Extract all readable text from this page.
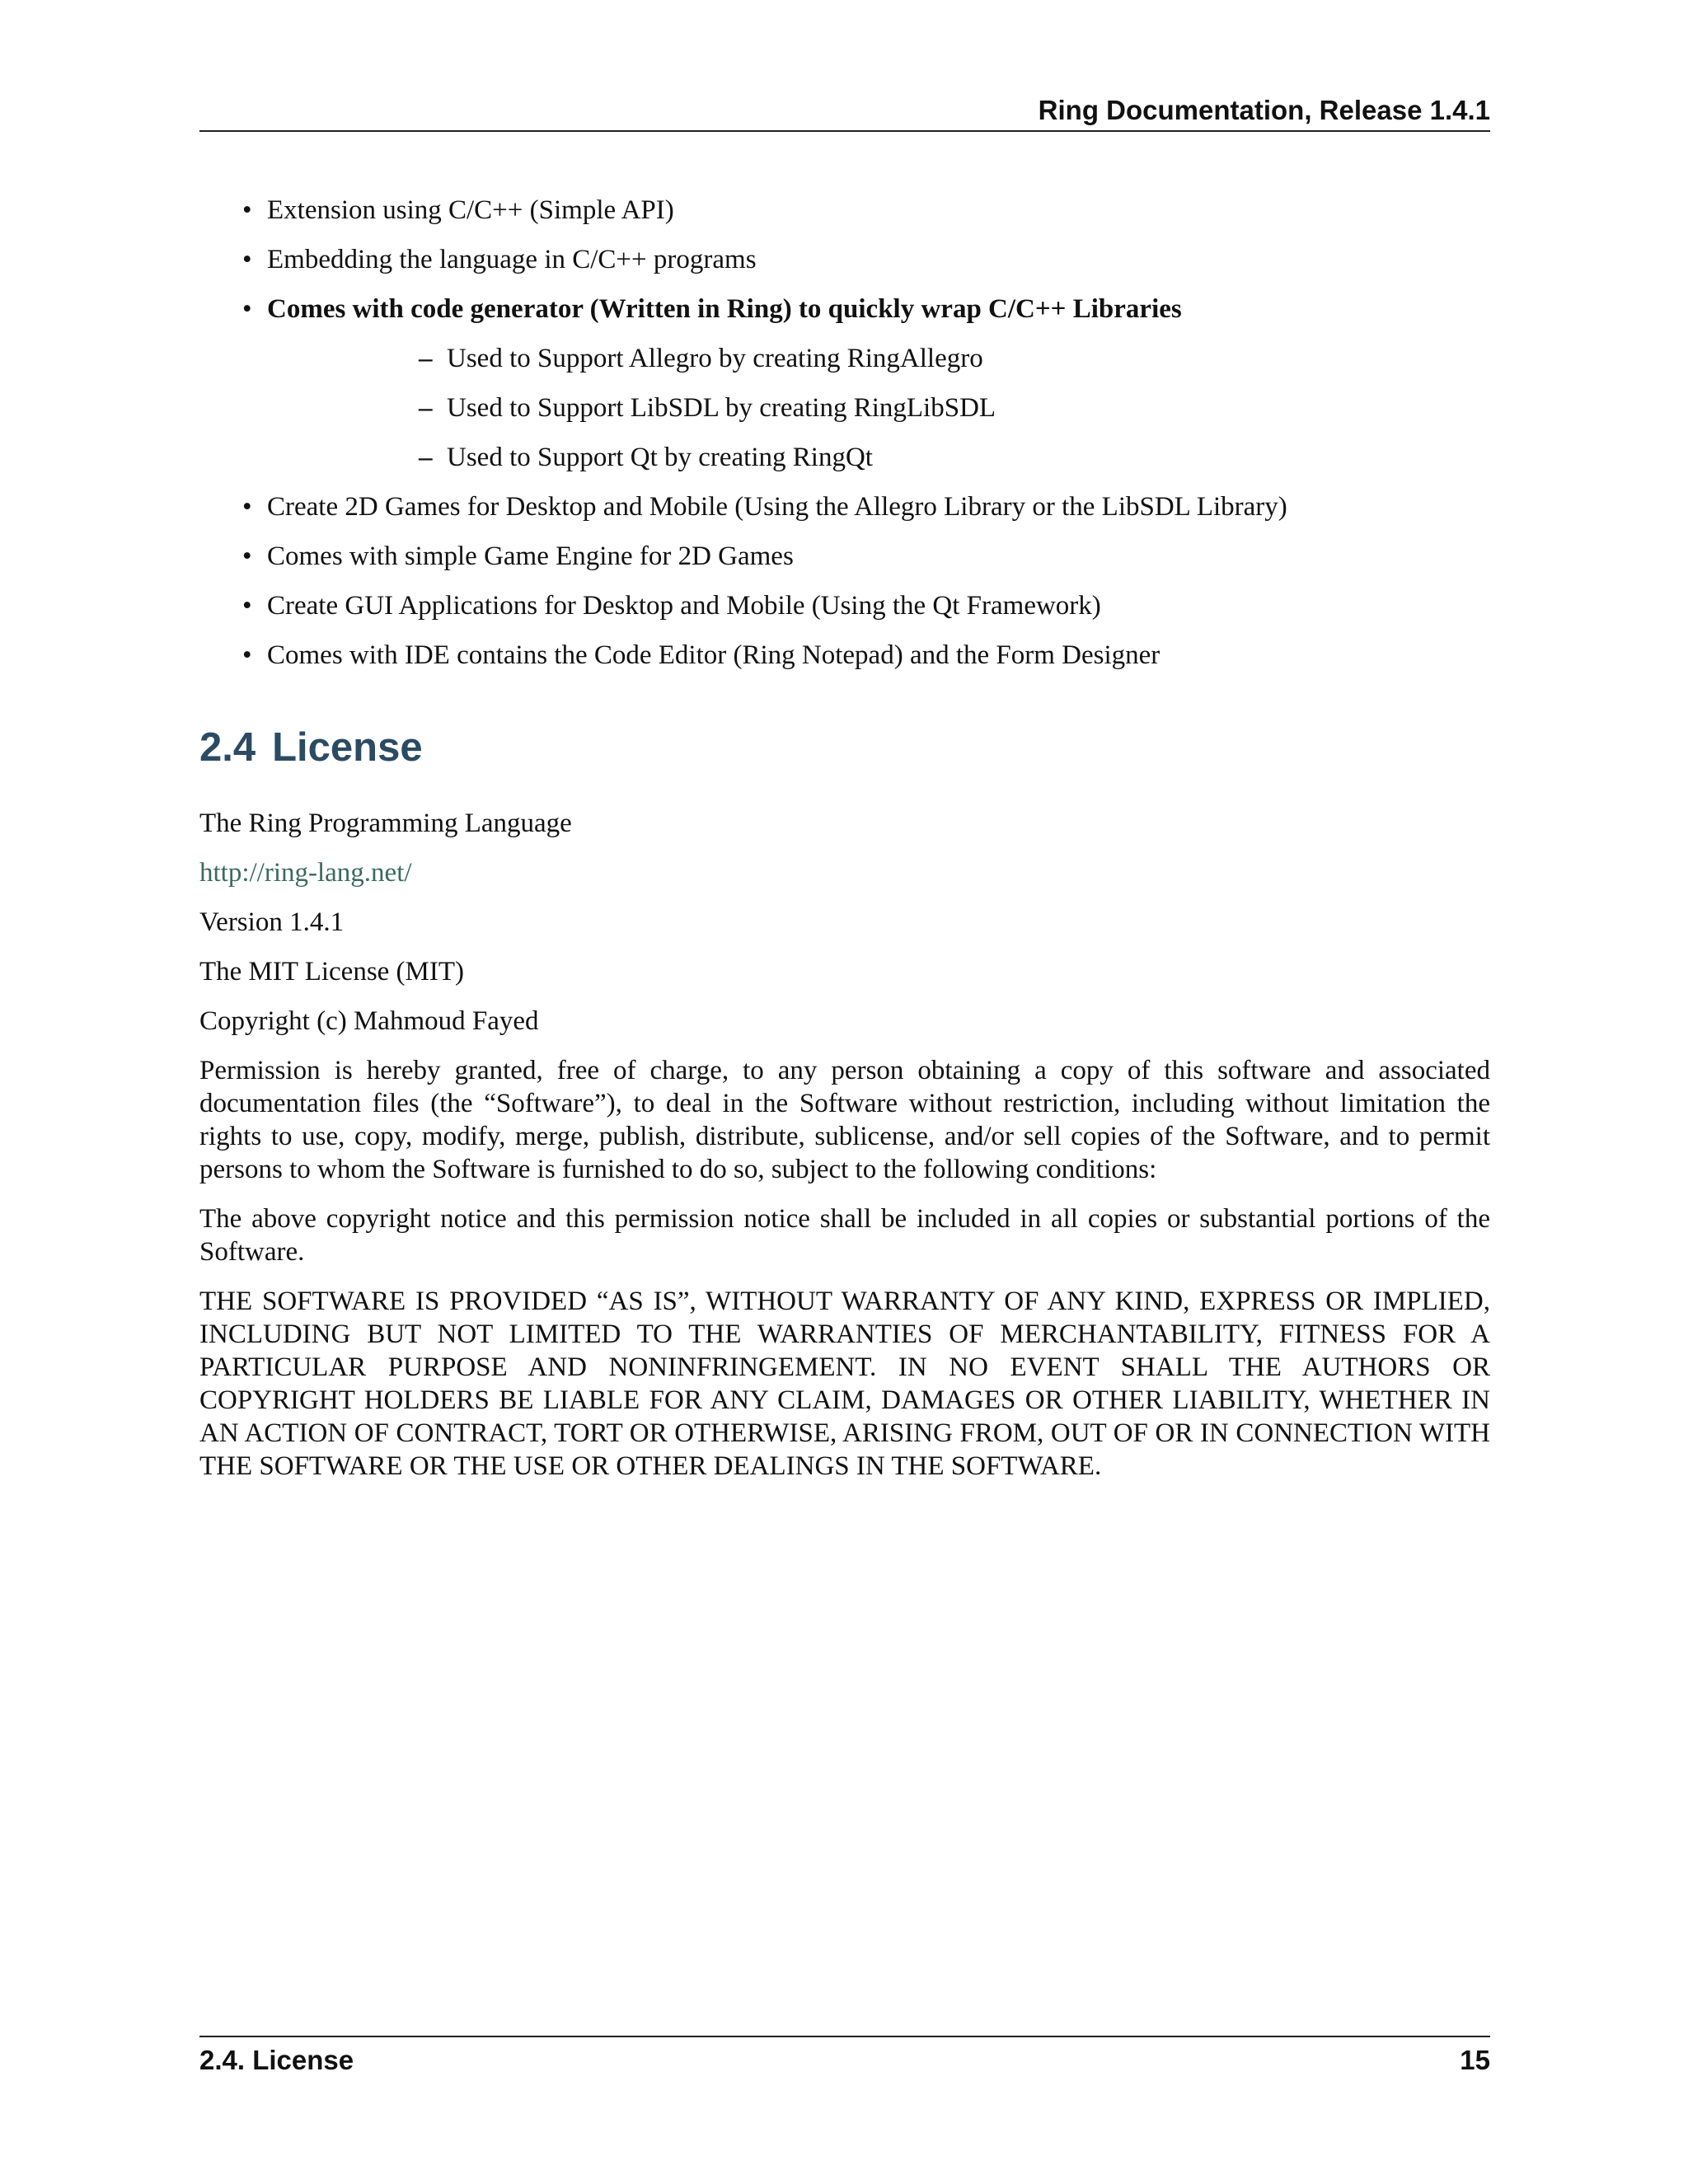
Ring Documentation, Release 1.4.1
• Extension using C/C++ (Simple API)
• Embedding the language in C/C++ programs
• Comes with code generator (Written in Ring) to quickly wrap C/C++ Libraries
– Used to Support Allegro by creating RingAllegro
– Used to Support LibSDL by creating RingLibSDL
– Used to Support Qt by creating RingQt
• Create 2D Games for Desktop and Mobile (Using the Allegro Library or the LibSDL Library)
• Comes with simple Game Engine for 2D Games
• Create GUI Applications for Desktop and Mobile (Using the Qt Framework)
• Comes with IDE contains the Code Editor (Ring Notepad) and the Form Designer
2.4 License

The Ring Programming Language

http://ring-lang.net/

Version 1.4.1

The MIT License (MIT)

Copyright (c) Mahmoud Fayed

Permission is hereby granted, free of charge, to any person obtaining a copy of this software and associated documentation files (the “Software”), to deal in the Software without restriction, including without limitation the rights to use, copy, modify, merge, publish, distribute, sublicense, and/or sell copies of the Software, and to permit persons to whom the Software is furnished to do so, subject to the following conditions:

The above copyright notice and this permission notice shall be included in all copies or substantial portions of the Software.

THE SOFTWARE IS PROVIDED “AS IS”, WITHOUT WARRANTY OF ANY KIND, EXPRESS OR IMPLIED, INCLUDING BUT NOT LIMITED TO THE WARRANTIES OF MERCHANTABILITY, FITNESS FOR A PARTICULAR PURPOSE AND NONINFRINGEMENT. IN NO EVENT SHALL THE AUTHORS OR COPYRIGHT HOLDERS BE LIABLE FOR ANY CLAIM, DAMAGES OR OTHER LIABILITY, WHETHER IN AN ACTION OF CONTRACT, TORT OR OTHERWISE, ARISING FROM, OUT OF OR IN CONNECTION WITH THE SOFTWARE OR THE USE OR OTHER DEALINGS IN THE SOFTWARE.

2.4. License	15
